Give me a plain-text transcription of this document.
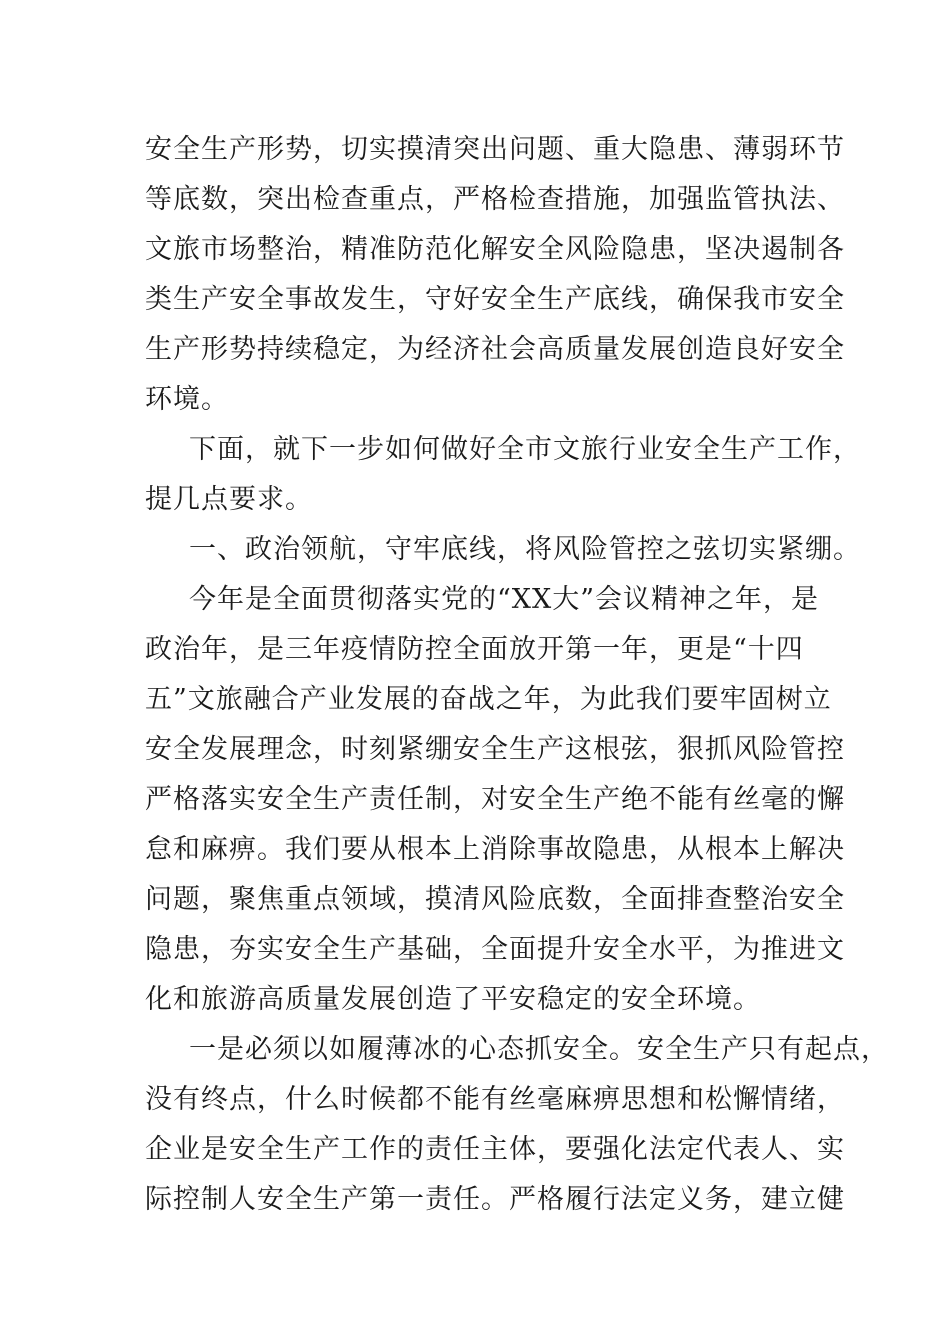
安全生产形势，切实摸清突出问题、重大隐患、薄弱环节
等底数，突出检查重点，严格检查措施，加强监管执法、
文旅市场整治，精准防范化解安全风险隐患，坚决遏制各
类生产安全事故发生，守好安全生产底线，确保我市安全
生产形势持续稳定，为经济社会高质量发展创造良好安全
环境。
下面，就下一步如何做好全市文旅行业安全生产工作，
提几点要求。
一、政治领航，守牢底线，将风险管控之弦切实紧绷。
今年是全面贯彻落实党的“XX大”会议精神之年，是
政治年，是三年疫情防控全面放开第一年，更是“十四
五”文旅融合产业发展的奋战之年，为此我们要牢固树立
安全发展理念，时刻紧绷安全生产这根弦，狠抓风险管控
严格落实安全生产责任制，对安全生产绝不能有丝毫的懈
怠和麻痹。我们要从根本上消除事故隐患，从根本上解决
问题，聚焦重点领域，摸清风险底数，全面排查整治安全
隐患，夯实安全生产基础，全面提升安全水平，为推进文
化和旅游高质量发展创造了平安稳定的安全环境。
一是必须以如履薄冰的心态抓安全。安全生产只有起点，
没有终点，什么时候都不能有丝毫麻痹思想和松懈情绪，
企业是安全生产工作的责任主体，要强化法定代表人、实
际控制人安全生产第一责任。严格履行法定义务，建立健
